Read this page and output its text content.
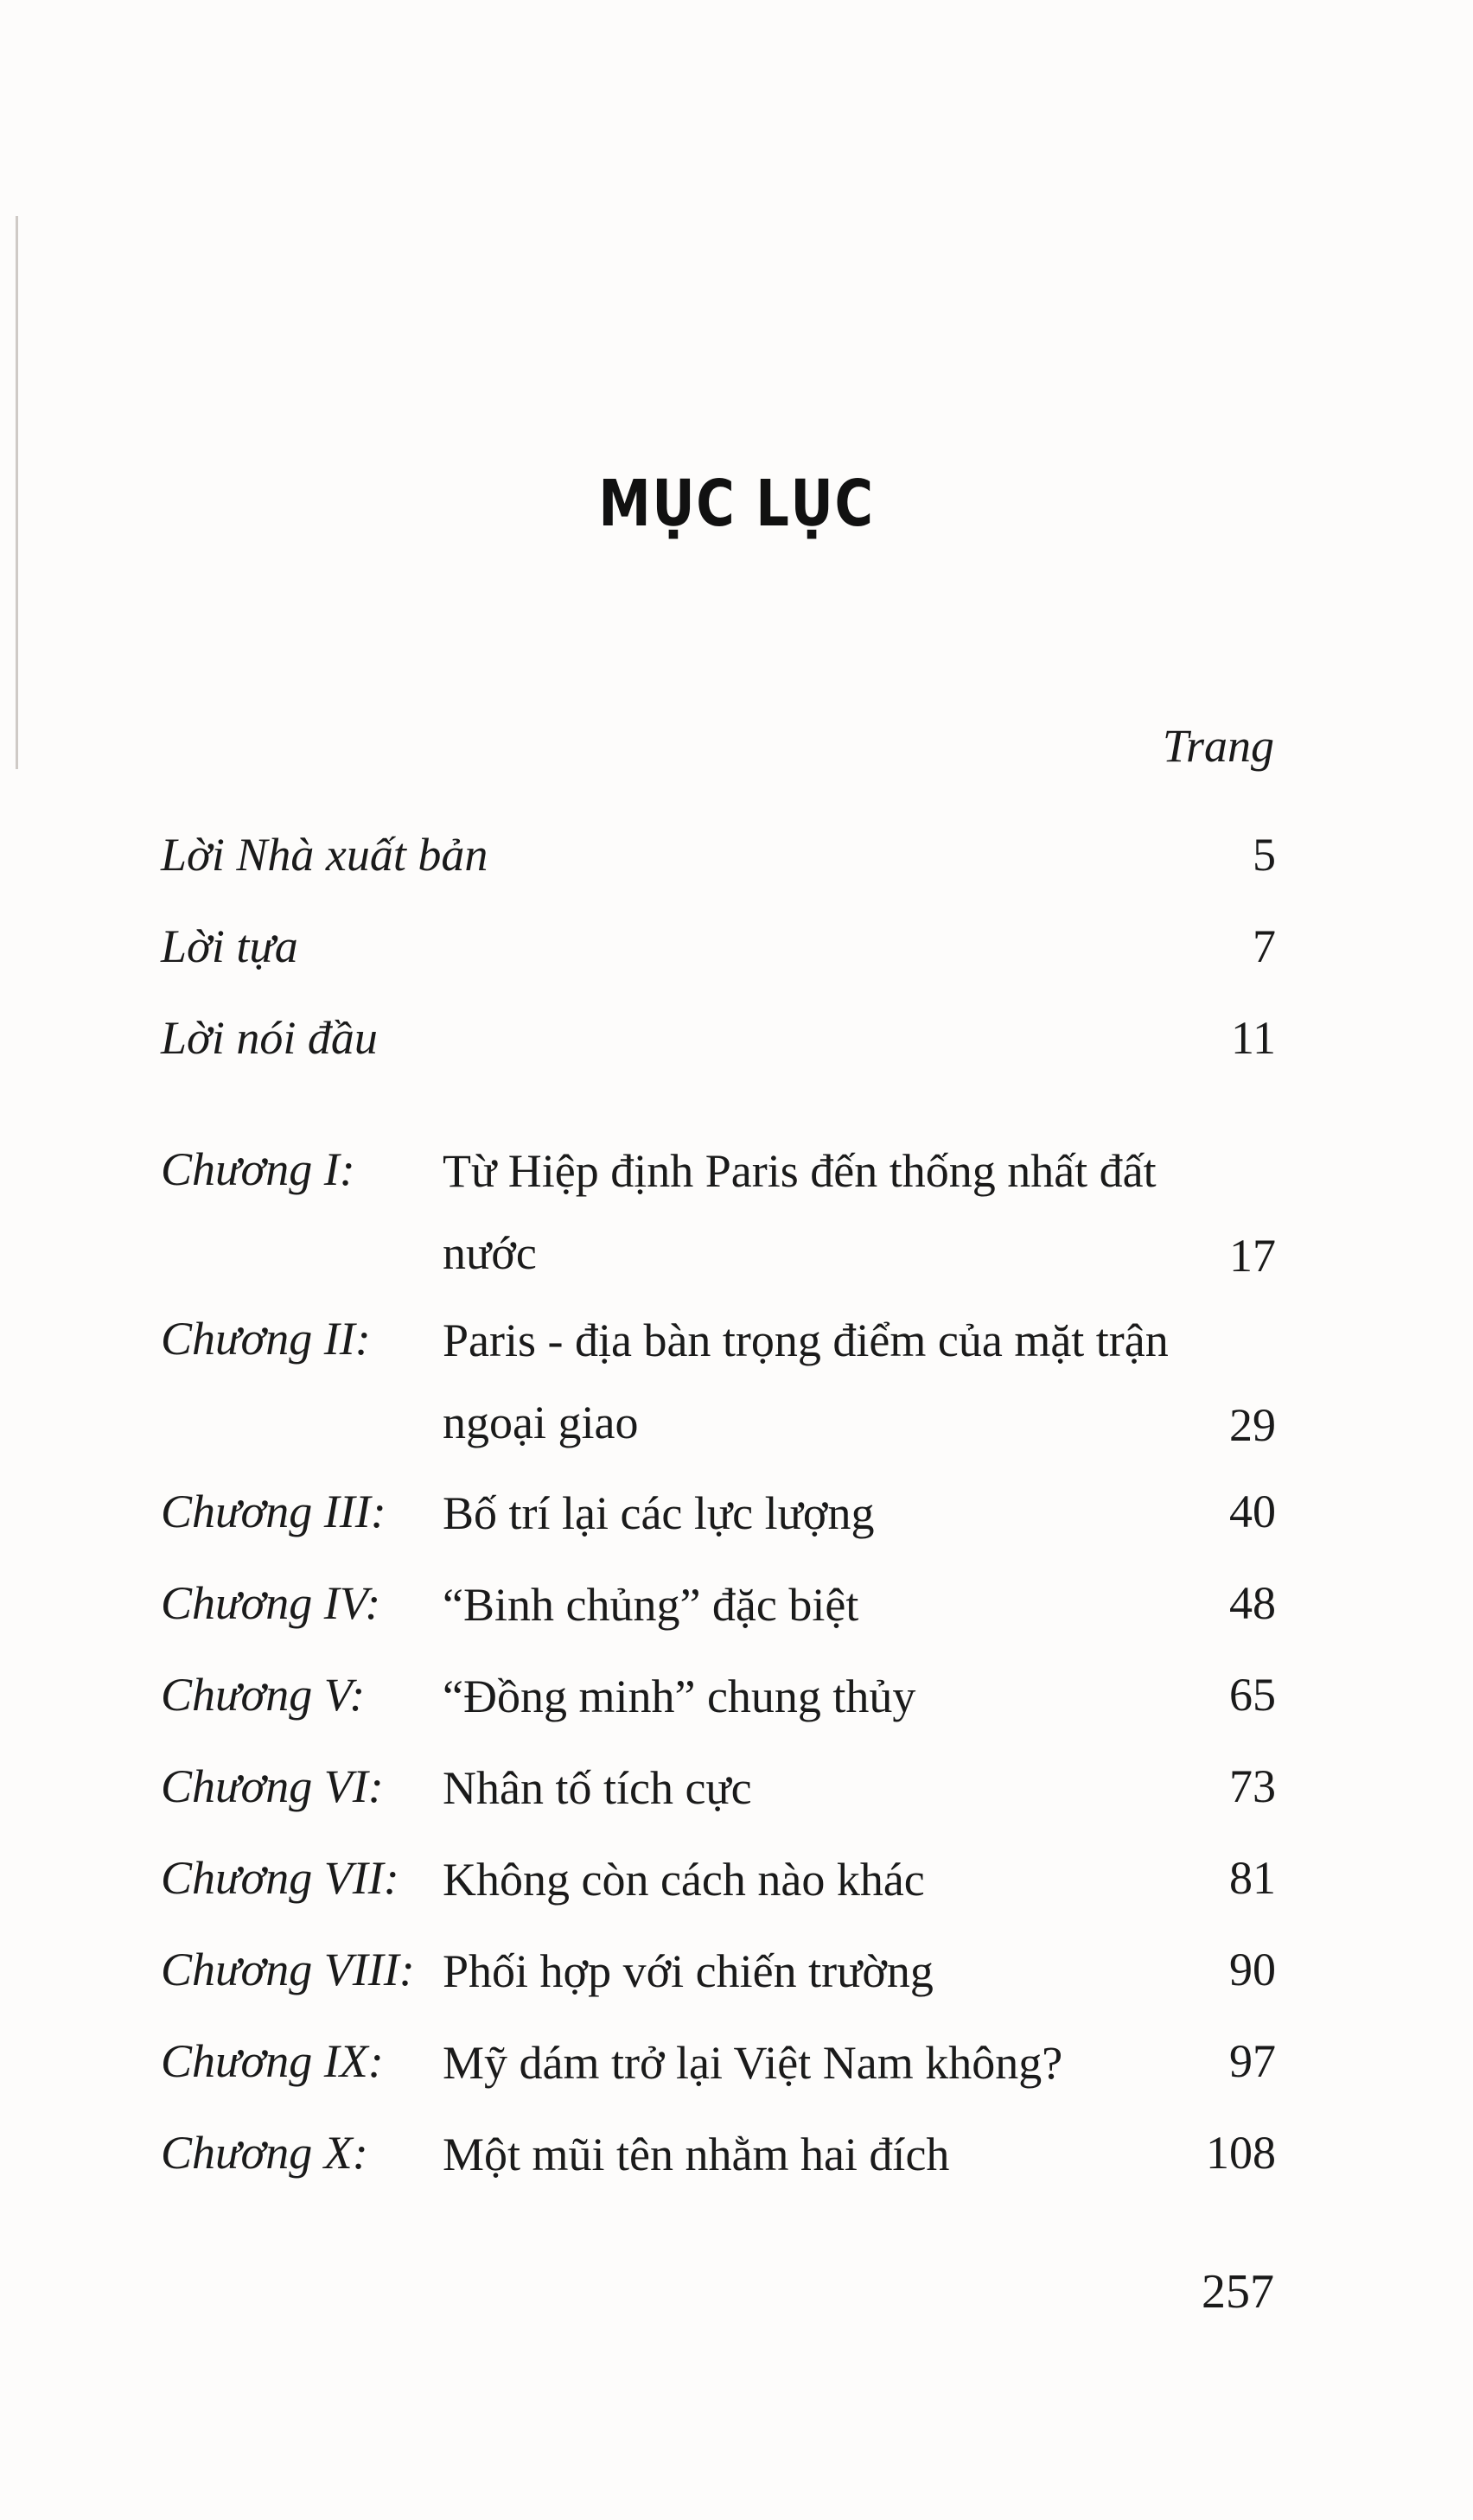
MỤC LỤC
Trang
Lời Nhà xuất bản	5
Lời tựa	7
Lời nói đầu	11
Chương I: Từ Hiệp định Paris đến thống nhất đất nước	17
Chương II: Paris - địa bàn trọng điểm của mặt trận ngoại giao	29
Chương III: Bố trí lại các lực lượng	40
Chương IV: “Binh chủng” đặc biệt	48
Chương V: “Đồng minh” chung thủy	65
Chương VI: Nhân tố tích cực	73
Chương VII: Không còn cách nào khác	81
Chương VIII: Phối hợp với chiến trường	90
Chương IX: Mỹ dám trở lại Việt Nam không?	97
Chương X: Một mũi tên nhằm hai đích	108
257
